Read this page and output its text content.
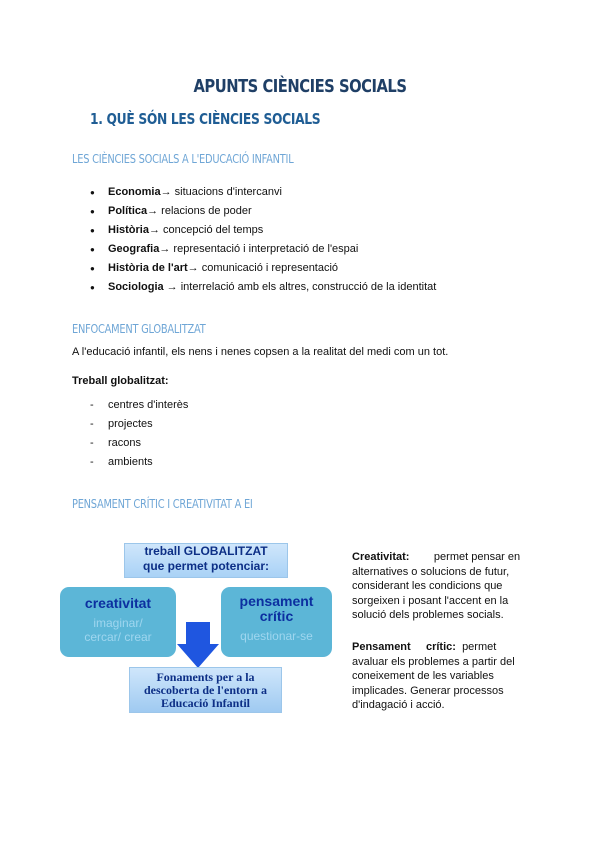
APUNTS CIÈNCIES SOCIALS
1. QUÈ SÓN LES CIÈNCIES SOCIALS
LES CIÈNCIES SOCIALS A L'EDUCACIÓ INFANTIL
● Economia→ situacions d'intercanvi
● Política→ relacions de poder
● Història→ concepció del temps
● Geografia→ representació i interpretació de l'espai
● Història de l'art→ comunicació i representació
● Sociologia → interrelació amb els altres, construcció de la identitat
ENFOCAMENT GLOBALITZAT
A l'educació infantil, els nens i nenes copsen a la realitat del medi com un tot.
Treball globalitzat:
- centres d'interès
- projectes
- racons
- ambients
PENSAMENT CRÍTIC I CREATIVITAT A EI
treball GLOBALITZAT
que permet potenciar:
creativitat
imaginar/
cercar/ crear
pensament
crític
questionar-se
Fonaments per a la
descoberta de l'entorn a
Educació Infantil
Creativitat: permet pensar en alternatives o solucions de futur, considerant les condicions que sorgeixen i posant l'accent en la solució dels problemes socials.
Pensament     crític: permet avaluar els problemes a partir del coneixement de les variables implicades. Generar processos d'indagació i acció.
